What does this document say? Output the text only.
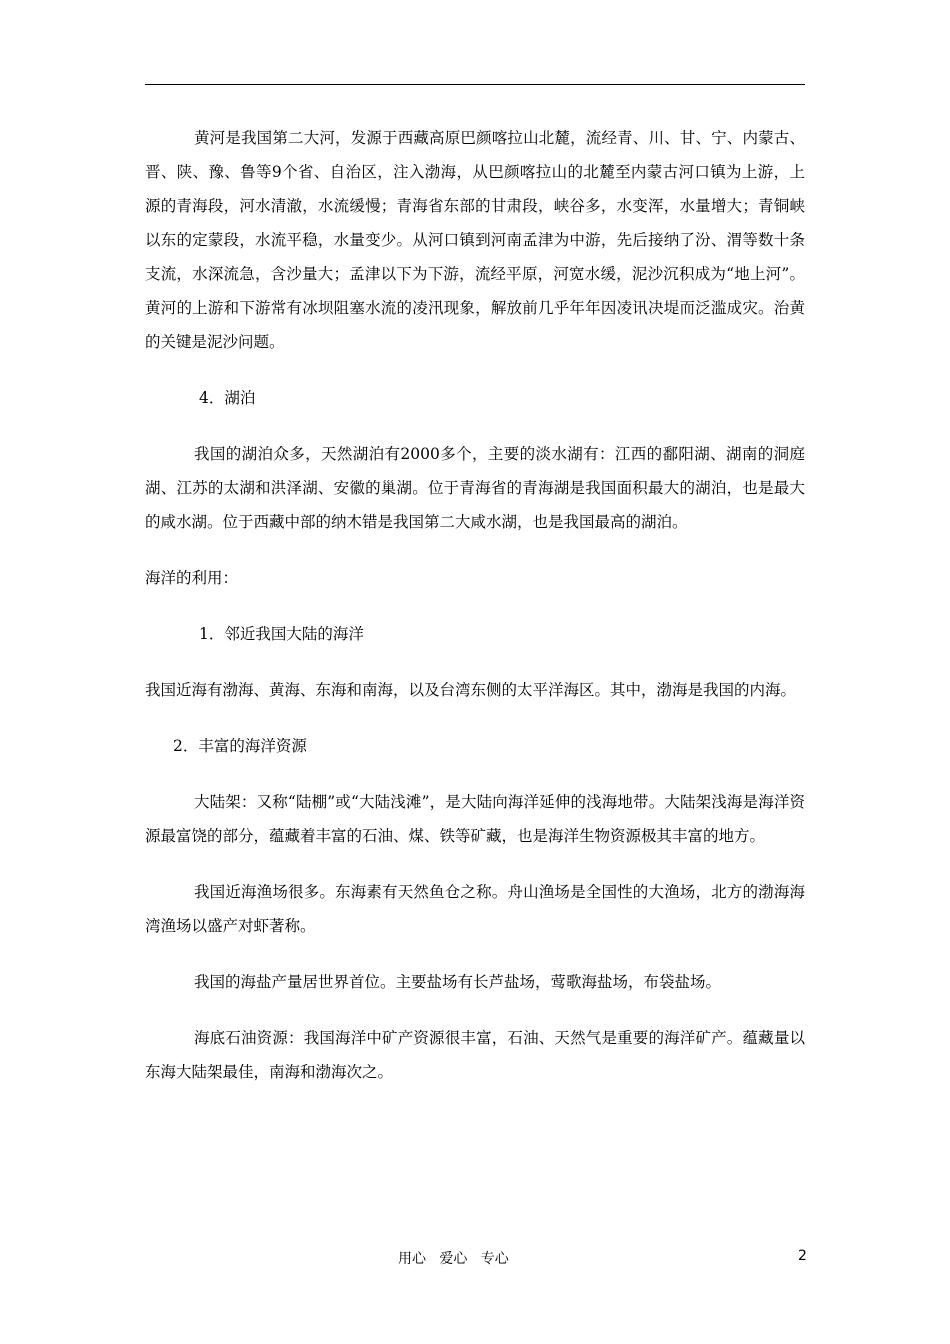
黄河是我国第二大河，发源于西藏高原巴颜喀拉山北麓，流经青、川、甘、宁、内蒙古、晋、陕、豫、鲁等9个省、自治区，注入渤海，从巴颜喀拉山的北麓至内蒙古河口镇为上游，上源的青海段，河水清澈，水流缓慢；青海省东部的甘肃段，峡谷多，水变浑，水量增大；青铜峡以东的定蒙段，水流平稳，水量变少。从河口镇到河南孟津为中游，先后接纳了汾、渭等数十条支流，水深流急，含沙量大；孟津以下为下游，流经平原，河宽水缓，泥沙沉积成为“地上河”。 黄河的上游和下游常有冰坝阻塞水流的凌汛现象，解放前几乎年年因凌讯决堤而泛滥成灾。治黄的关键是泥沙问题。

4．湖泊

我国的湖泊众多，天然湖泊有2000多个，主要的淡水湖有：江西的鄱阳湖、湖南的洞庭湖、江苏的太湖和洪泽湖、安徽的巢湖。位于青海省的青海湖是我国面积最大的湖泊，也是最大的咸水湖。位于西藏中部的纳木错是我国第二大咸水湖，也是我国最高的湖泊。

海洋的利用：

1．邻近我国大陆的海洋

我国近海有渤海、黄海、东海和南海，以及台湾东侧的太平洋海区。其中，渤海是我国的内海。

2．丰富的海洋资源

大陆架：又称“陆棚”或“大陆浅滩”，是大陆向海洋延伸的浅海地带。大陆架浅海是海洋资源最富饶的部分，蕴藏着丰富的石油、煤、铁等矿藏，也是海洋生物资源极其丰富的地方。

我国近海渔场很多。东海素有天然鱼仓之称。舟山渔场是全国性的大渔场，北方的渤海海湾渔场以盛产对虾著称。

我国的海盐产量居世界首位。主要盐场有长芦盐场，莺歌海盐场，布袋盐场。

海底石油资源：我国海洋中矿产资源很丰富，石油、天然气是重要的海洋矿产。蕴藏量以东海大陆架最佳，南海和渤海次之。

用心   爱心   专心	2
